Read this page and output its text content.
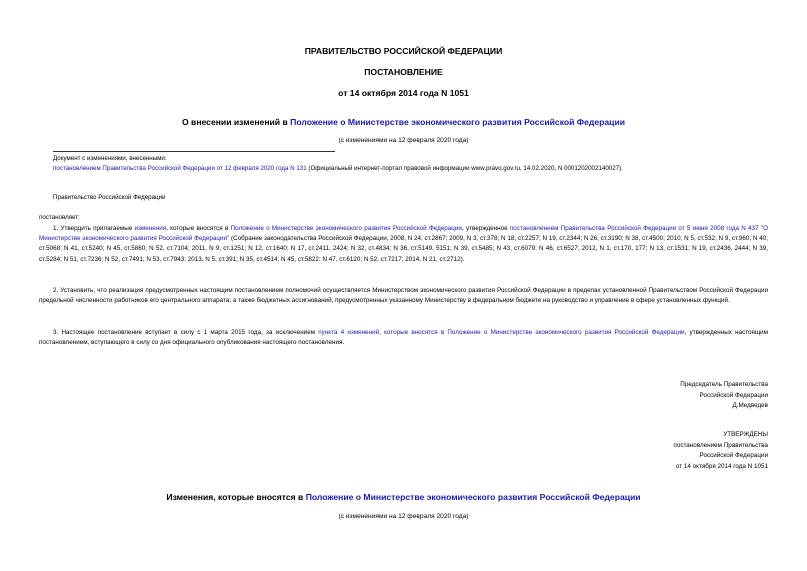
ПРАВИТЕЛЬСТВО РОССИЙСКОЙ ФЕДЕРАЦИИ
ПОСТАНОВЛЕНИЕ
от 14 октября 2014 года N 1051
О внесении изменений в Положение о Министерстве экономического развития Российской Федерации
(с изменениями на 12 февраля 2020 года)
Документ с изменениями, внесенными:
постановлением Правительства Российской Федерации от 12 февраля 2020 года N 131 (Официальный интернет-портал правовой информации www.pravo.gov.ru, 14.02.2020, N 0001202002140027).
Правительство Российской Федерации
постановляет:
1. Утвердить прилагаемые изменения, которые вносятся в Положение о Министерстве экономического развития Российской Федерации, утвержденное постановлением Правительства Российской Федерации от 5 июня 2008 года N 437 "О Министерстве экономического развития Российской Федерации" (Собрание законодательства Российской Федерации, 2008, N 24, ст.2867; 2009, N 3, ст.378; N 18, ст.2257; N 19, ст.2344; N 26, ст.3190; N 38, ст.4500; 2010, N 5, ст.532; N 9, ст.960; N 40, ст.5068; N 41, ст.5240; N 45, ст.5860; N 52, ст.7104; 2011, N 9, ст.1251; N 12, ст.1640; N 17, ст.2411, 2424; N 32, ст.4834; N 36, ст.5149, 5151; N 39, ст.5485; N 43, ст.6079; N 46, ст.6527; 2012, N 1, ст.170, 177; N 13, ст.1531; N 19, ст.2436, 2444; N 39, ст.5284; N 51, ст.7236; N 52, ст.7491; N 53, ст.7943; 2013, N 5, ст.391; N 35, ст.4514; N 45, ст.5822; N 47, ст.6120; N 52, ст.7217; 2014, N 21, ст.2712).
2. Установить, что реализация предусмотренных настоящим постановлением полномочий осуществляется Министерством экономического развития Российской Федерации в пределах установленной Правительством Российской Федерации предельной численности работников его центрального аппарата, а также бюджетных ассигнований, предусмотренных указанному Министерству в федеральном бюджете на руководство и управление в сфере установленных функций.
3. Настоящее постановление вступает в силу с 1 марта 2015 года, за исключением пункта 4 изменений, которые вносятся в Положение о Министерстве экономического развития Российской Федерации, утвержденных настоящим постановлением, вступающего в силу со дня официального опубликования настоящего постановления.
Председатель Правительства
Российской Федерации
Д.Медведев
УТВЕРЖДЕНЫ
постановлением Правительства
Российской Федерации
от 14 октября 2014 года N 1051
Изменения, которые вносятся в Положение о Министерстве экономического развития Российской Федерации
(с изменениями на 12 февраля 2020 года)
